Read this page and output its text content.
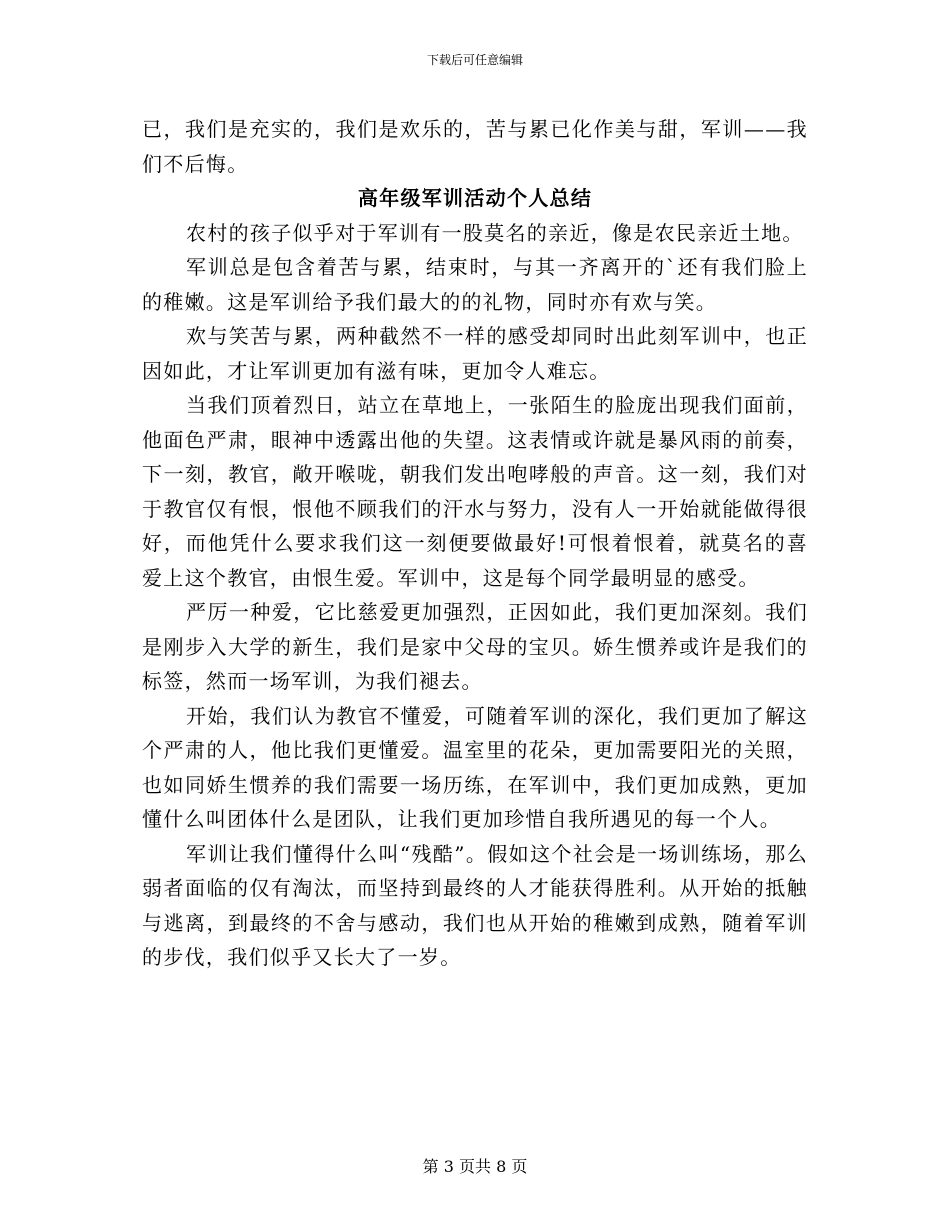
下载后可任意编辑

已，我们是充实的，我们是欢乐的，苦与累已化作美与甜，军训——我们不后悔。

高年级军训活动个人总结

农村的孩子似乎对于军训有一股莫名的亲近，像是农民亲近土地。

军训总是包含着苦与累，结束时，与其一齐离开的`还有我们脸上的稚嫩。这是军训给予我们最大的的礼物，同时亦有欢与笑。

欢与笑苦与累，两种截然不一样的感受却同时出此刻军训中，也正因如此，才让军训更加有滋有味，更加令人难忘。

当我们顶着烈日，站立在草地上，一张陌生的脸庞出现我们面前，他面色严肃，眼神中透露出他的失望。这表情或许就是暴风雨的前奏，下一刻，教官，敞开喉咙，朝我们发出咆哮般的声音。这一刻，我们对于教官仅有恨，恨他不顾我们的汗水与努力，没有人一开始就能做得很好，而他凭什么要求我们这一刻便要做最好!可恨着恨着，就莫名的喜爱上这个教官，由恨生爱。军训中，这是每个同学最明显的感受。

严厉一种爱，它比慈爱更加强烈，正因如此，我们更加深刻。我们是刚步入大学的新生，我们是家中父母的宝贝。娇生惯养或许是我们的标签，然而一场军训，为我们褪去。

开始，我们认为教官不懂爱，可随着军训的深化，我们更加了解这个严肃的人，他比我们更懂爱。温室里的花朵，更加需要阳光的关照，也如同娇生惯养的我们需要一场历练，在军训中，我们更加成熟，更加懂什么叫团体什么是团队，让我们更加珍惜自我所遇见的每一个人。

军训让我们懂得什么叫“残酷”。假如这个社会是一场训练场，那么弱者面临的仅有淘汰，而坚持到最终的人才能获得胜利。从开始的抵触与逃离，到最终的不舍与感动，我们也从开始的稚嫩到成熟，随着军训的步伐，我们似乎又长大了一岁。

第 3 页共 8 页
